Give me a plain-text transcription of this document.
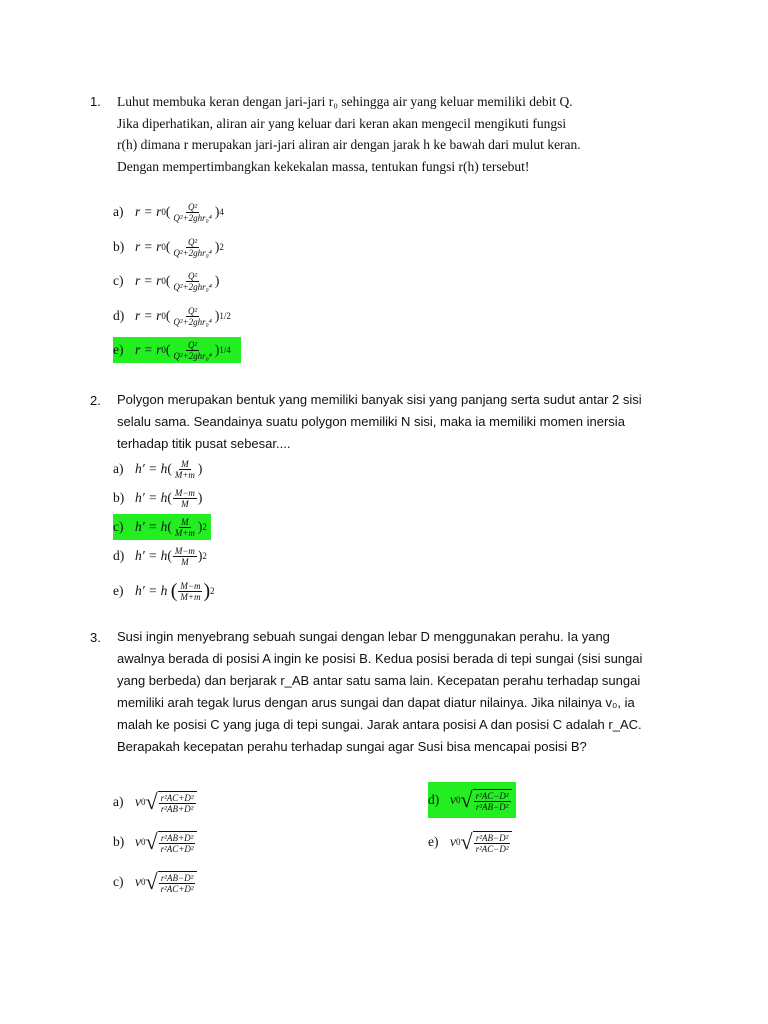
1. Luhut membuka keran dengan jari-jari r₀ sehingga air yang keluar memiliki debit Q.
Jika diperhatikan, aliran air yang keluar dari keran akan mengecil mengikuti fungsi
r(h) dimana r merupakan jari-jari aliran air dengan jarak h ke bawah dari mulut keran.
Dengan mempertimbangkan kekekalan massa, tentukan fungsi r(h) tersebut!
a) r = r 0 ( $\frac{\text{Q²}}{\text{Q²+2ghr₀⁴}}$ ) 4
b) r = r 0 ( $\frac{\text{Q²}}{\text{Q²+2ghr₀⁴}}$ ) 2
c) r = r 0 ( $\frac{\text{Q²}}{\text{Q²+2ghr₀⁴}}$ )
d) r = r 0 ( $\frac{\text{Q²}}{\text{Q²+2ghr₀⁴}}$ ) 1/2
e) r = r 0 ( $\frac{\text{Q²}}{\text{Q²+2ghr₀⁴}}$ ) 1/4
2. Polygon merupakan bentuk yang memiliki banyak sisi yang panjang serta sudut antar 2 sisi
selalu sama. Seandainya suatu polygon memiliki N sisi, maka ia memiliki momen inersia
terhadap titik pusat sebesar....
a) h′ = h ( $\frac{M}{M+m}$ )
b) h′ = h ( $\frac{M-m}{M}$ )
c) h′ = h ( $\frac{M}{M+m}$ ) 2
d) h′ = h ( $\frac{M-m}{M}$ ) 2
e) h′ = h
( $\frac{M-m}{M+m}$ ) 2
3. Susi ingin menyebrang sebuah sungai dengan lebar D menggunakan perahu. Ia yang
awalnya berada di posisi A ingin ke posisi B. Kedua posisi berada di tepi sungai (sisi sungai
yang berbeda) dan berjarak r_AB antar satu sama lain. Kecepatan perahu terhadap sungai
memiliki arah tegak lurus dengan arus sungai dan dapat diatur nilainya. Jika nilainya v₀, ia
malah ke posisi C yang juga di tepi sungai. Jarak antara posisi A dan posisi C adalah r_AC.
Berapakah kecepatan perahu terhadap sungai agar Susi bisa mencapai posisi B?
a) v 0 √ $\frac{\text{r²AC+D²}}{\text{r²AB+D²}}$
b) v 0 √ $\frac{\text{r²AB+D²}}{\text{r²AC+D²}}$
c) v 0 √ $\frac{\text{r²AB−D²}}{\text{r²AC+D²}}$
d) v 0 √ $\frac{\text{r²AC−D²}}{\text{r²AB−D²}}$
e) v 0 √ $\frac{\text{r²AB−D²}}{\text{r²AC−D²}}$
